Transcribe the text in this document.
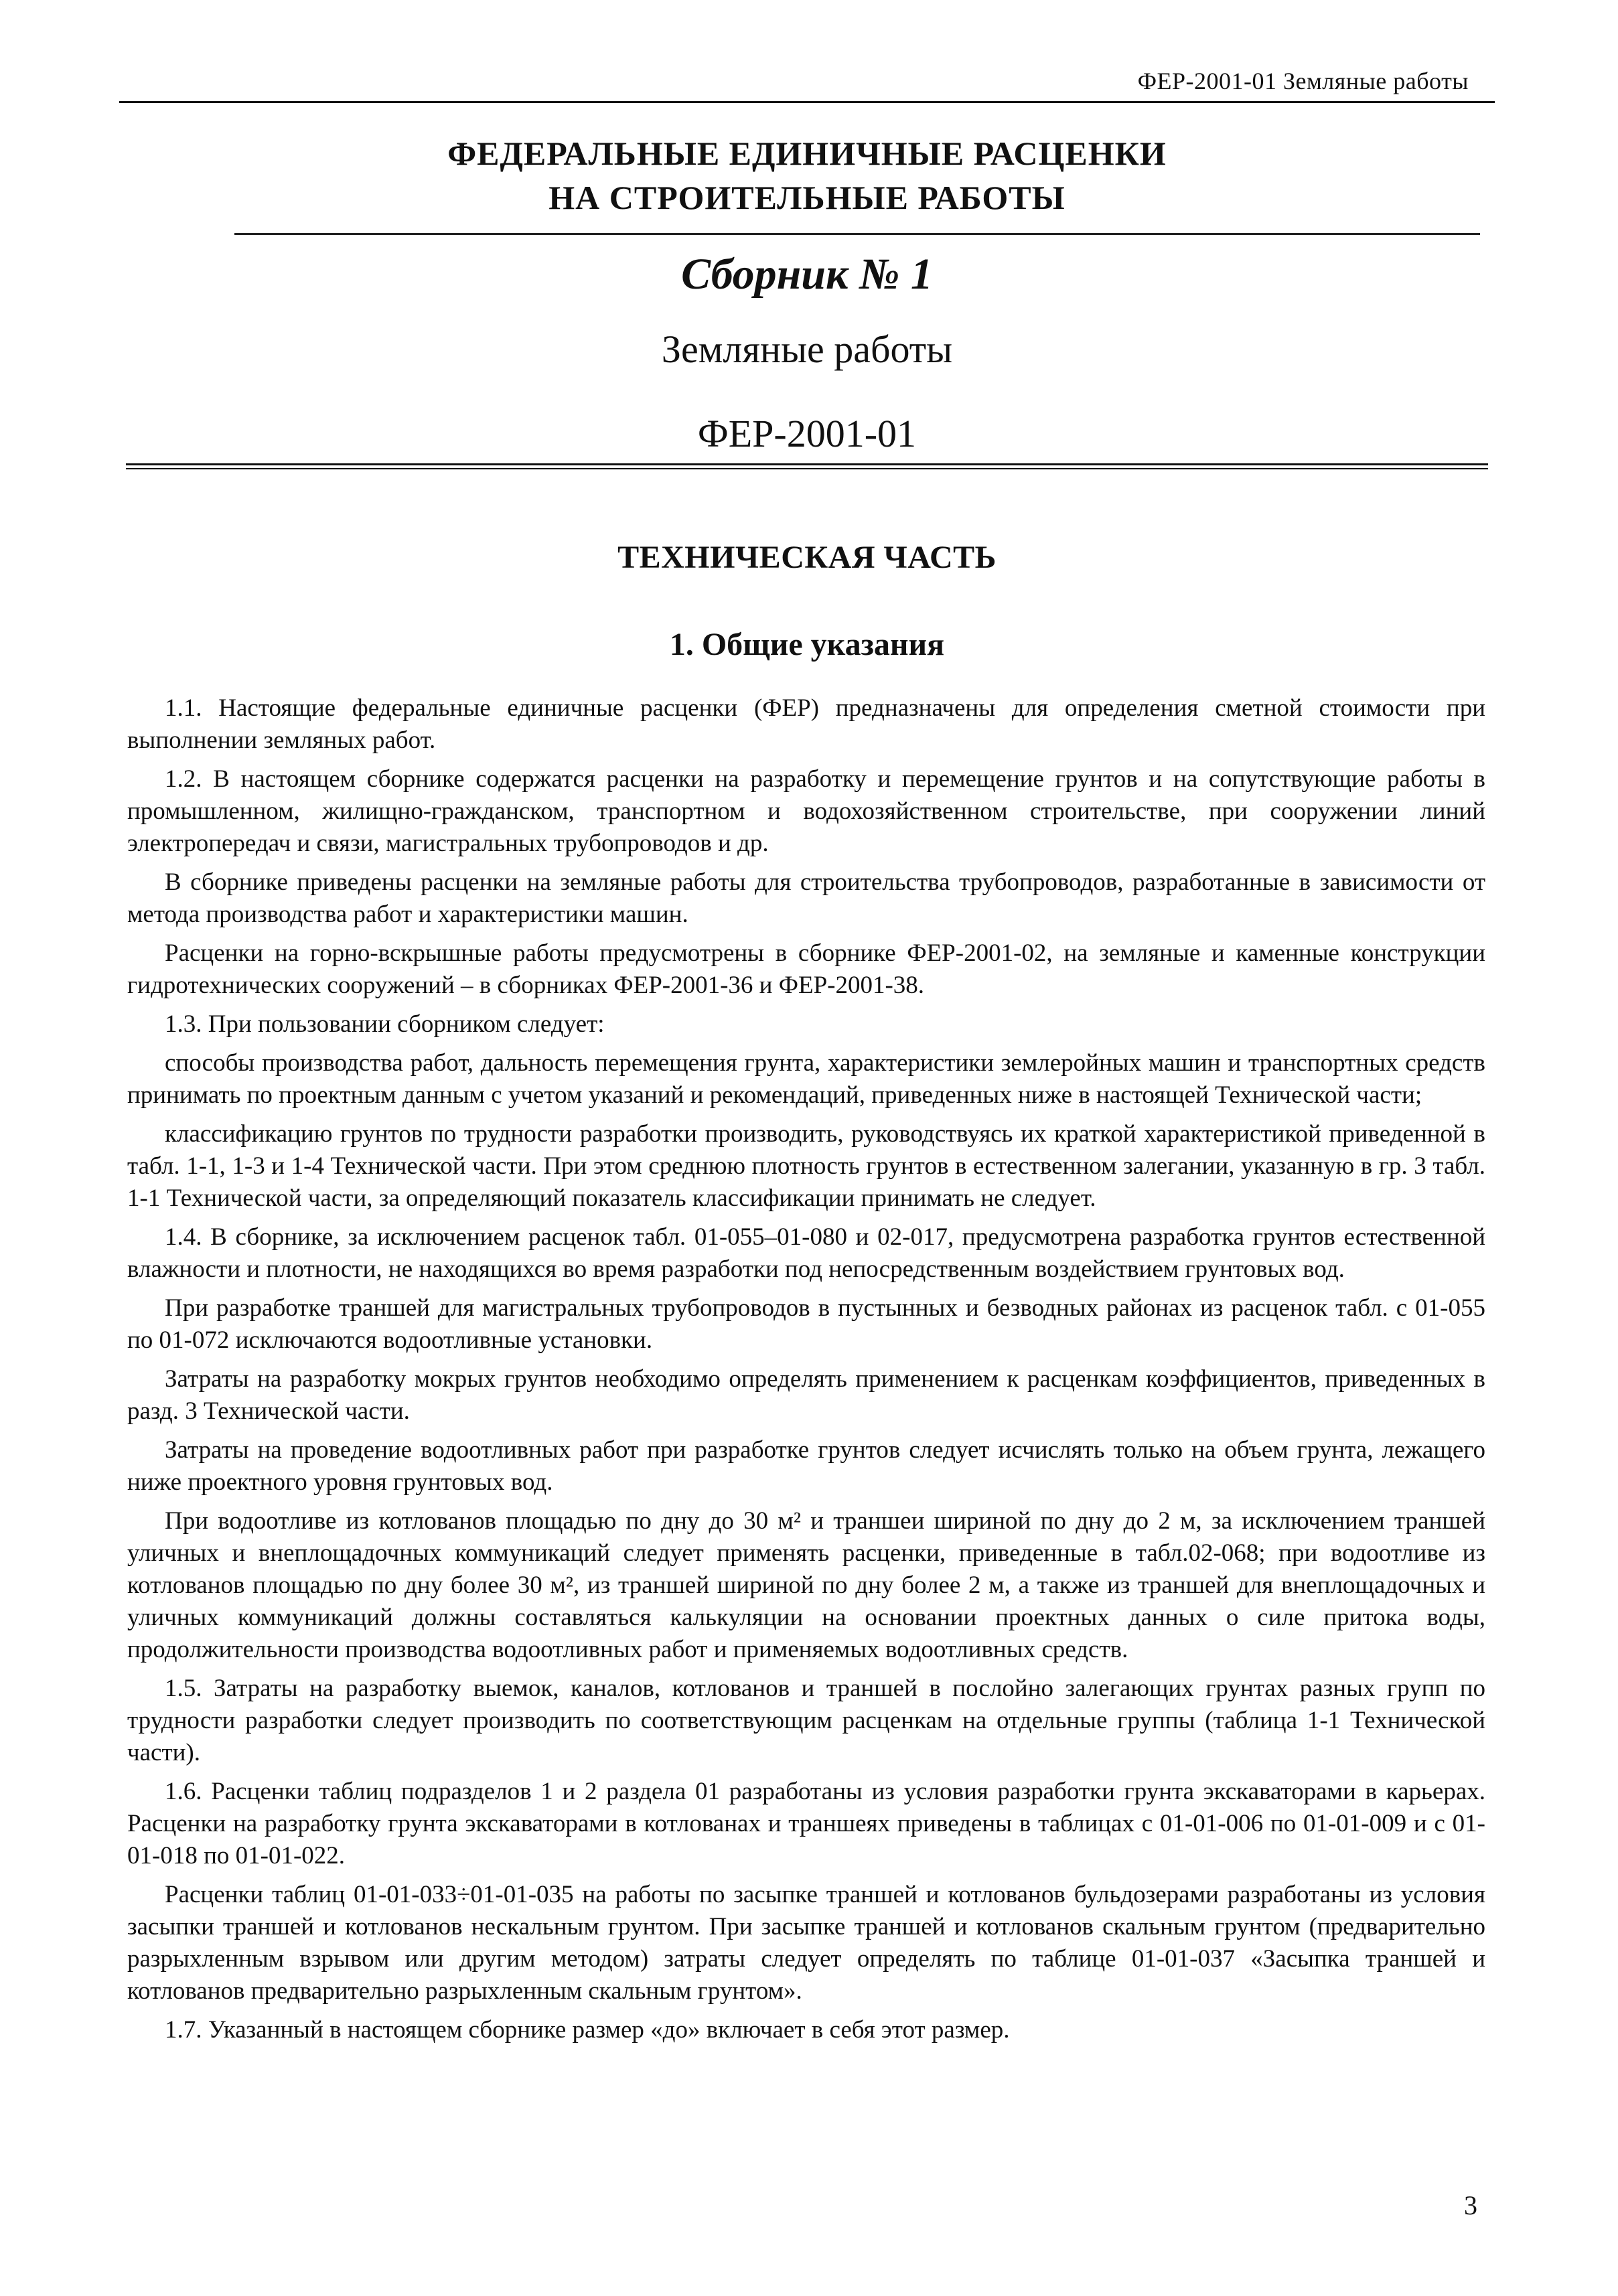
ФЕР-2001-01 Земляные работы
ФЕДЕРАЛЬНЫЕ ЕДИНИЧНЫЕ РАСЦЕНКИ
НА СТРОИТЕЛЬНЫЕ РАБОТЫ
Сборник № 1
Земляные работы
ФЕР-2001-01
ТЕХНИЧЕСКАЯ ЧАСТЬ
1. Общие указания

1.1. Настоящие федеральные единичные расценки (ФЕР) предназначены для определения сметной стоимости при выполнении земляных работ.

1.2. В настоящем сборнике содержатся расценки на разработку и перемещение грунтов и на сопутствующие работы в промышленном, жилищно-гражданском, транспортном и водохозяйственном строительстве, при сооружении линий электропередач и связи, магистральных трубопроводов и др.

В сборнике приведены расценки на земляные работы для строительства трубопроводов, разработанные в зависимости от метода производства работ и характеристики машин.

Расценки на горно-вскрышные работы предусмотрены в сборнике ФЕР-2001-02, на земляные и каменные конструкции гидротехнических сооружений – в сборниках ФЕР-2001-36 и ФЕР-2001-38.

1.3. При пользовании сборником следует:

способы производства работ, дальность перемещения грунта, характеристики землеройных машин и транспортных средств принимать по проектным данным с учетом указаний и рекомендаций, приведенных ниже в настоящей Технической части;

классификацию грунтов по трудности разработки производить, руководствуясь их краткой характеристикой приведенной в табл. 1-1, 1-3 и 1-4 Технической части. При этом среднюю плотность грунтов в естественном залегании, указанную в гр. 3 табл. 1-1 Технической части, за определяющий показатель классификации принимать не следует.

1.4. В сборнике, за исключением расценок табл. 01-055–01-080 и 02-017, предусмотрена разработка грунтов естественной влажности и плотности, не находящихся во время разработки под непосредственным воздействием грунтовых вод.

При разработке траншей для магистральных трубопроводов в пустынных и безводных районах из расценок табл. с 01-055 по 01-072 исключаются водоотливные установки.

Затраты на разработку мокрых грунтов необходимо определять применением к расценкам коэффициентов, приведенных в разд. 3 Технической части.

Затраты на проведение водоотливных работ при разработке грунтов следует исчислять только на объем грунта, лежащего ниже проектного уровня грунтовых вод.

При водоотливе из котлованов площадью по дну до 30 м² и траншеи шириной по дну до 2 м, за исключением траншей уличных и внеплощадочных коммуникаций следует применять расценки, приведенные в табл.02-068; при водоотливе из котлованов площадью по дну более 30 м², из траншей шириной по дну более 2 м, а также из траншей для внеплощадочных и уличных коммуникаций должны составляться калькуляции на основании проектных данных о силе притока воды, продолжительности производства водоотливных работ и применяемых водоотливных средств.

1.5. Затраты на разработку выемок, каналов, котлованов и траншей в послойно залегающих грунтах разных групп по трудности разработки следует производить по соответствующим расценкам на отдельные группы (таблица 1-1 Технической части).

1.6. Расценки таблиц подразделов 1 и 2 раздела 01 разработаны из условия разработки грунта экскаваторами в карьерах. Расценки на разработку грунта экскаваторами в котлованах и траншеях приведены в таблицах с 01-01-006 по 01-01-009 и с 01-01-018 по 01-01-022.

Расценки таблиц 01-01-033÷01-01-035 на работы по засыпке траншей и котлованов бульдозерами разработаны из условия засыпки траншей и котлованов нескальным грунтом. При засыпке траншей и котлованов скальным грунтом (предварительно разрыхленным взрывом или другим методом) затраты следует определять по таблице 01-01-037 «Засыпка траншей и котлованов предварительно разрыхленным скальным грунтом».

1.7. Указанный в настоящем сборнике размер «до» включает в себя этот размер.

3
